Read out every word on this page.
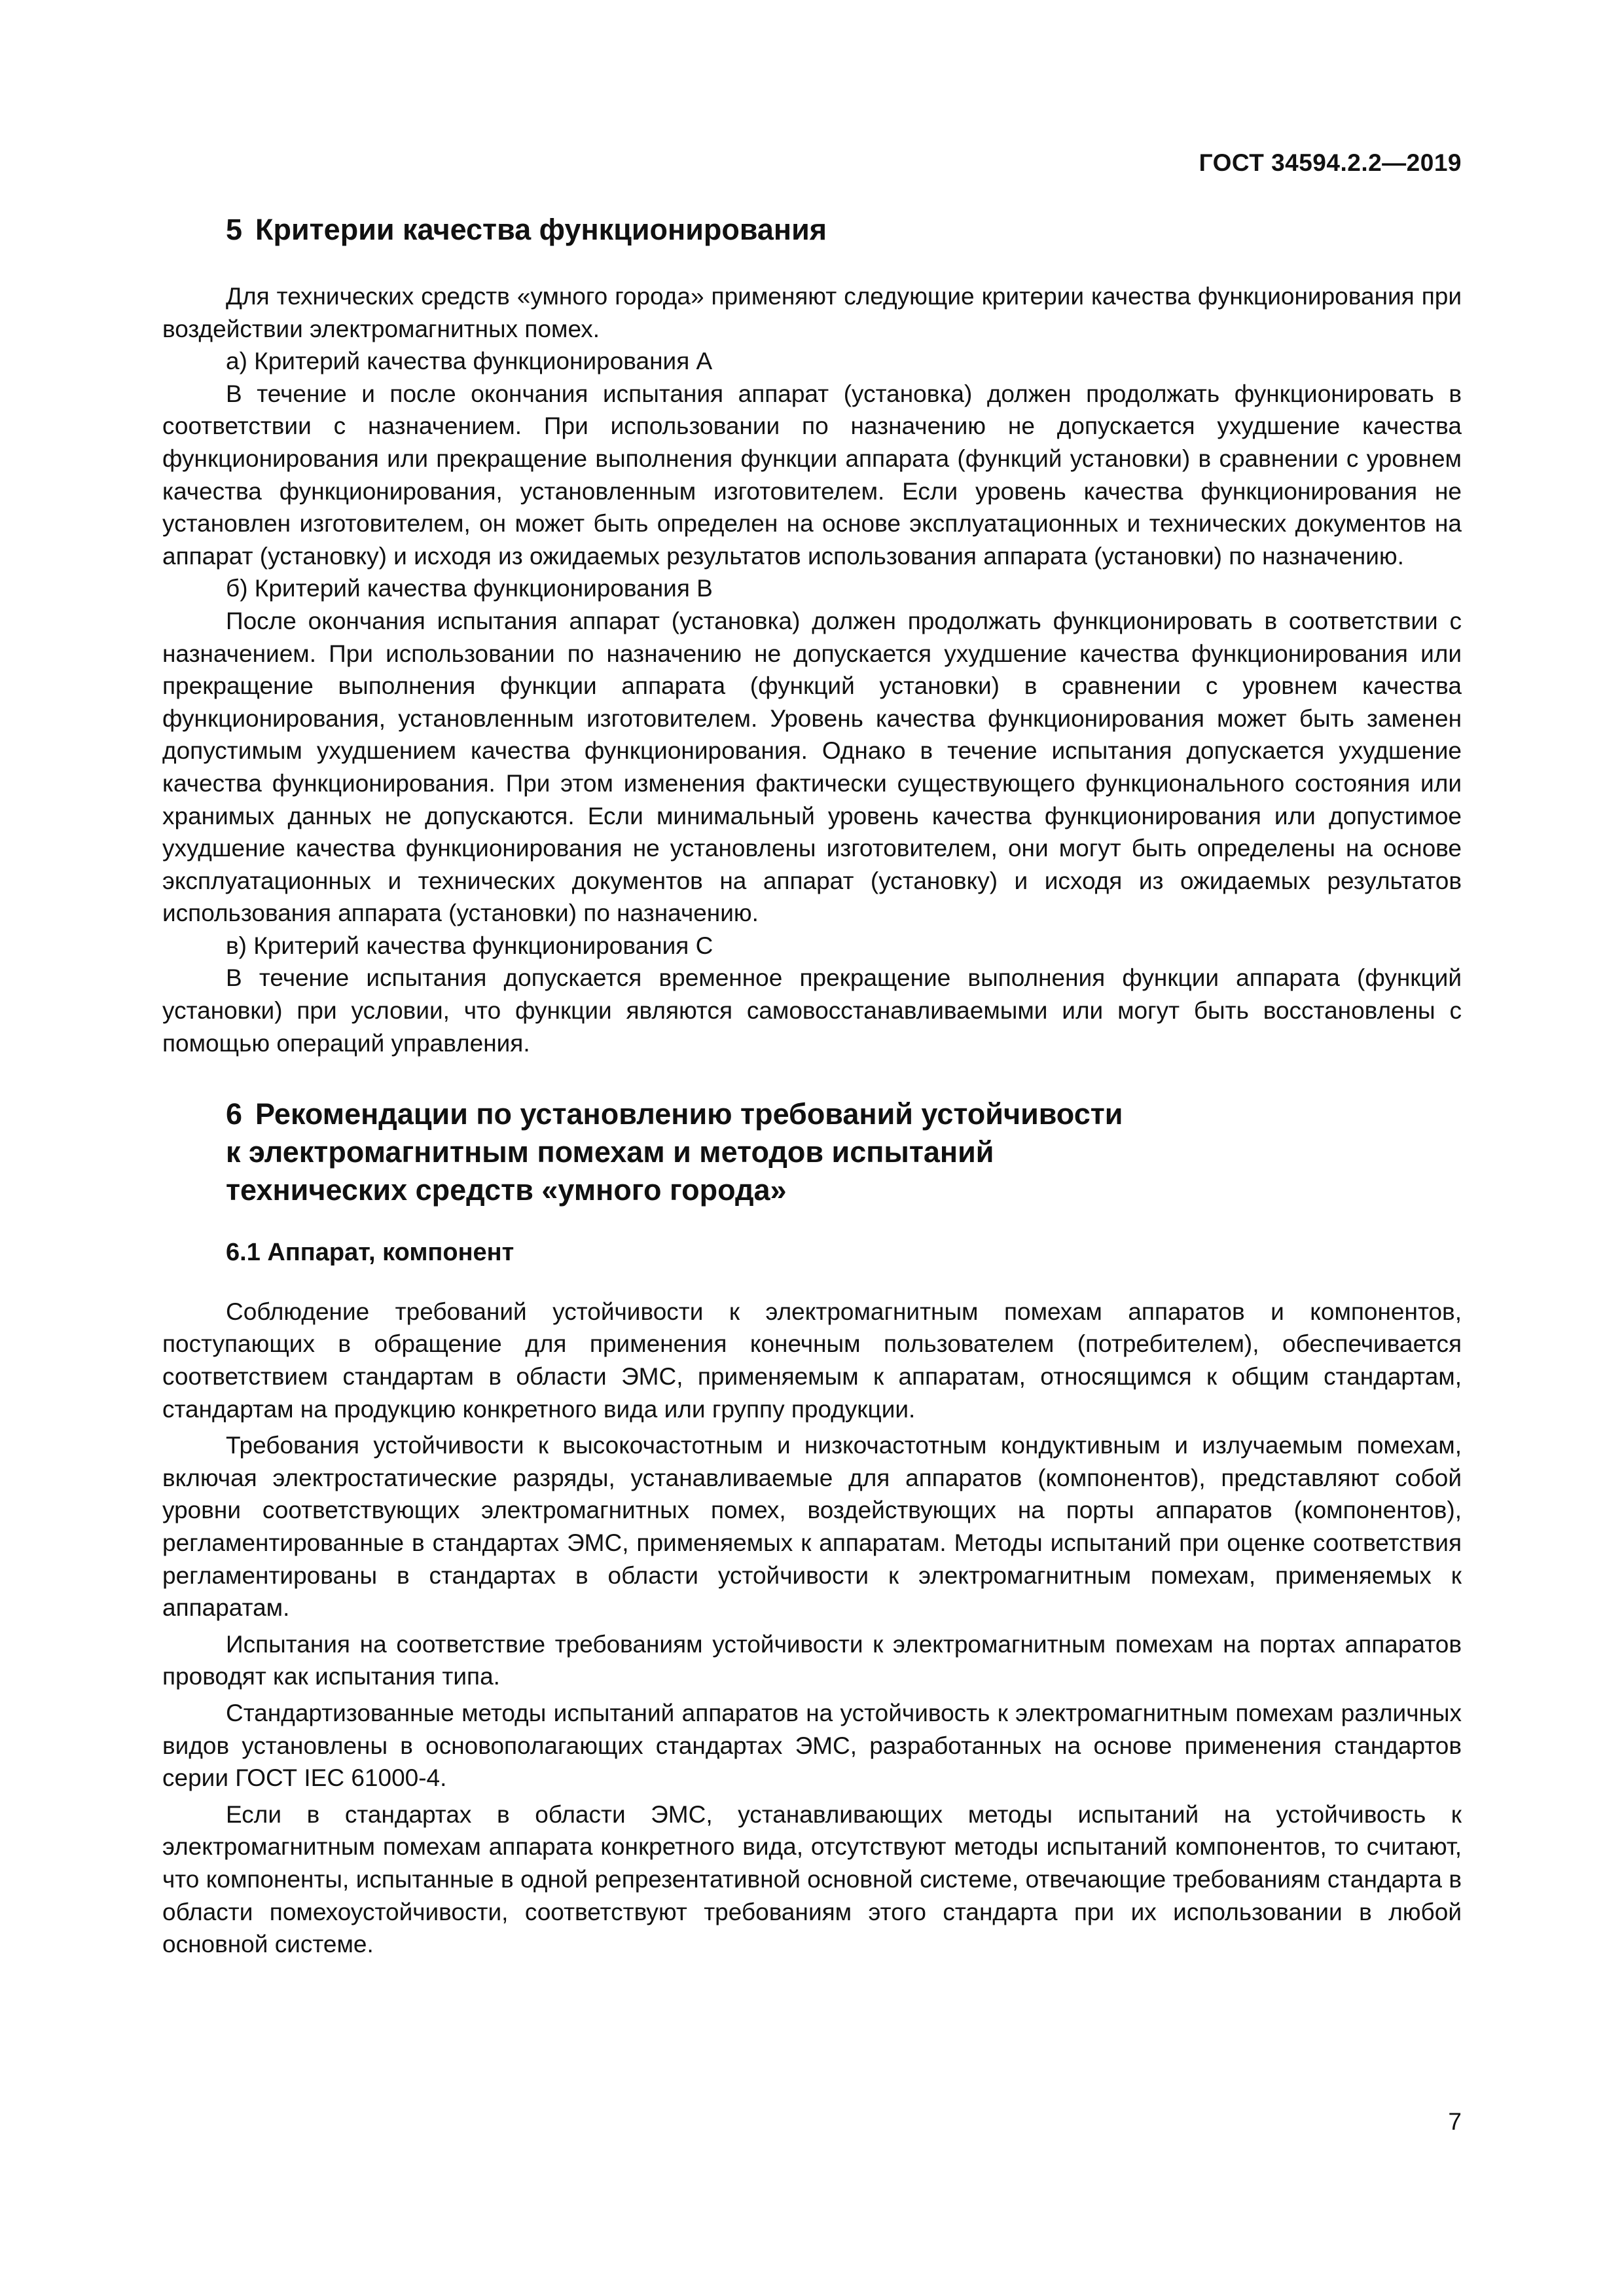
ГОСТ 34594.2.2—2019
5 Критерии качества функционирования

Для технических средств «умного города» применяют следующие критерии качества функционирования при воздействии электромагнитных помех.

а) Критерий качества функционирования А

В течение и после окончания испытания аппарат (установка) должен продолжать функционировать в соответствии с назначением. При использовании по назначению не допускается ухудшение качества функционирования или прекращение выполнения функции аппарата (функций установки) в сравнении с уровнем качества функционирования, установленным изготовителем. Если уровень качества функционирования не установлен изготовителем, он может быть определен на основе эксплуатационных и технических документов на аппарат (установку) и исходя из ожидаемых результатов использования аппарата (установки) по назначению.

б) Критерий качества функционирования В

После окончания испытания аппарат (установка) должен продолжать функционировать в соответствии с назначением. При использовании по назначению не допускается ухудшение качества функционирования или прекращение выполнения функции аппарата (функций установки) в сравнении с уровнем качества функционирования, установленным изготовителем. Уровень качества функционирования может быть заменен допустимым ухудшением качества функционирования. Однако в течение испытания допускается ухудшение качества функционирования. При этом изменения фактически существующего функционального состояния или хранимых данных не допускаются. Если минимальный уровень качества функционирования или допустимое ухудшение качества функционирования не установлены изготовителем, они могут быть определены на основе эксплуатационных и технических документов на аппарат (установку) и исходя из ожидаемых результатов использования аппарата (установки) по назначению.

в) Критерий качества функционирования С

В течение испытания допускается временное прекращение выполнения функции аппарата (функций установки) при условии, что функции являются самовосстанавливаемыми или могут быть восстановлены с помощью операций управления.

6 Рекомендации по установлению требований устойчивости
к электромагнитным помехам и методов испытаний
технических средств «умного города»
6.1 Аппарат, компонент

Соблюдение требований устойчивости к электромагнитным помехам аппаратов и компонентов, поступающих в обращение для применения конечным пользователем (потребителем), обеспечивается соответствием стандартам в области ЭМС, применяемым к аппаратам, относящимся к общим стандартам, стандартам на продукцию конкретного вида или группу продукции.

Требования устойчивости к высокочастотным и низкочастотным кондуктивным и излучаемым помехам, включая электростатические разряды, устанавливаемые для аппаратов (компонентов), представляют собой уровни соответствующих электромагнитных помех, воздействующих на порты аппаратов (компонентов), регламентированные в стандартах ЭМС, применяемых к аппаратам. Методы испытаний при оценке соответствия регламентированы в стандартах в области устойчивости к электромагнитным помехам, применяемых к аппаратам.

Испытания на соответствие требованиям устойчивости к электромагнитным помехам на портах аппаратов проводят как испытания типа.

Стандартизованные методы испытаний аппаратов на устойчивость к электромагнитным помехам различных видов установлены в основополагающих стандартах ЭМС, разработанных на основе применения стандартов серии ГОСТ IEC 61000-4.

Если в стандартах в области ЭМС, устанавливающих методы испытаний на устойчивость к электромагнитным помехам аппарата конкретного вида, отсутствуют методы испытаний компонентов, то считают, что компоненты, испытанные в одной репрезентативной основной системе, отвечающие требованиям стандарта в области помехоустойчивости, соответствуют требованиям этого стандарта при их использовании в любой основной системе.

7
